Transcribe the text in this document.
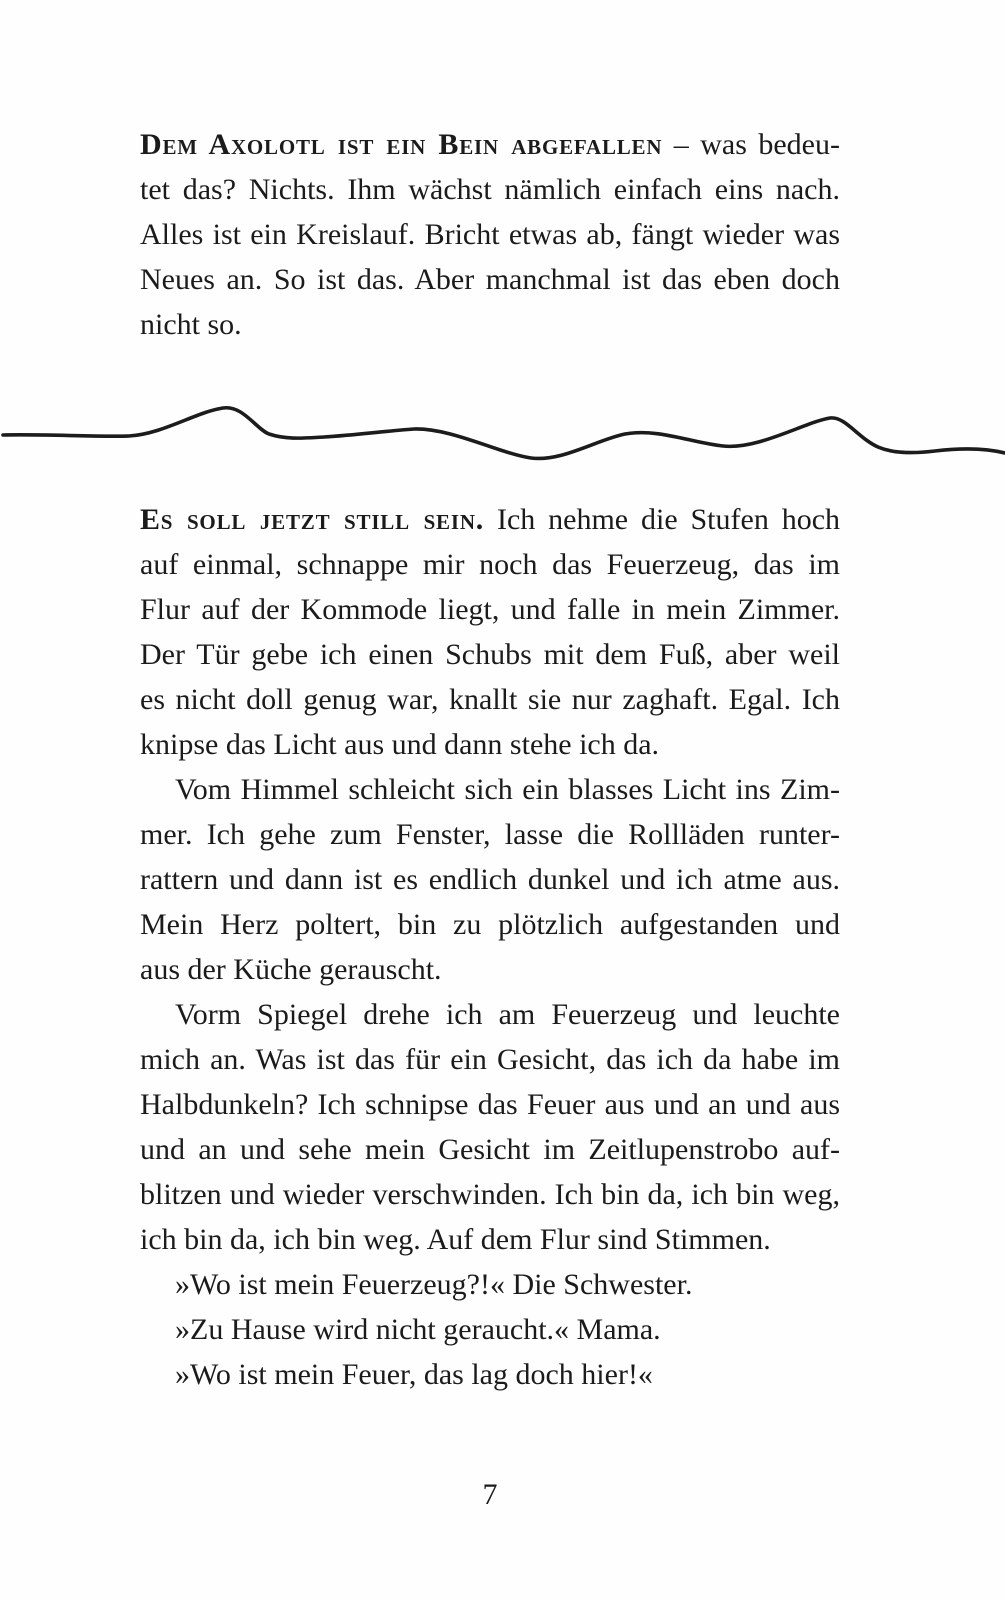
Dem Axolotl ist ein Bein abgefallen – was bedeu-
tet das? Nichts. Ihm wächst nämlich einfach eins nach.
Alles ist ein Kreislauf. Bricht etwas ab, fängt wieder was
Neues an. So ist das. Aber manchmal ist das eben doch
nicht so.
Es soll jetzt still sein. Ich nehme die Stufen hoch
auf einmal, schnappe mir noch das Feuerzeug, das im
Flur auf der Kommode liegt, und falle in mein Zimmer.
Der Tür gebe ich einen Schubs mit dem Fuß, aber weil
es nicht doll genug war, knallt sie nur zaghaft. Egal. Ich
knipse das Licht aus und dann stehe ich da.
Vom Himmel schleicht sich ein blasses Licht ins Zim-
mer. Ich gehe zum Fenster, lasse die Rollläden runter-
rattern und dann ist es endlich dunkel und ich atme aus.
Mein Herz poltert, bin zu plötzlich aufgestanden und
aus der Küche gerauscht.
Vorm Spiegel drehe ich am Feuerzeug und leuchte
mich an. Was ist das für ein Gesicht, das ich da habe im
Halbdunkeln? Ich schnipse das Feuer aus und an und aus
und an und sehe mein Gesicht im Zeitlupenstrobo auf-
blitzen und wieder verschwinden. Ich bin da, ich bin weg,
ich bin da, ich bin weg. Auf dem Flur sind Stimmen.
»Wo ist mein Feuerzeug?!« Die Schwester.
»Zu Hause wird nicht geraucht.« Mama.
»Wo ist mein Feuer, das lag doch hier!«
7
